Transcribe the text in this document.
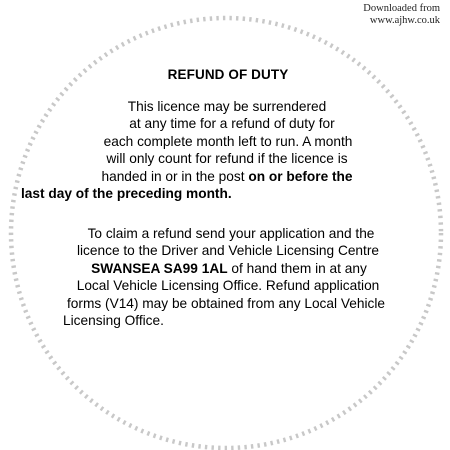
Downloaded from
www.ajhw.co.uk
REFUND OF DUTY
This licence may be surrendered
at any time for a refund of duty for
each complete month left to run. A month
will only count for refund if the licence is
handed in or in the post on or before the
last day of the preceding month.
To claim a refund send your application and the
licence to the Driver and Vehicle Licensing Centre
SWANSEA SA99 1AL of hand them in at any
Local Vehicle Licensing Office. Refund application
forms (V14) may be obtained from any Local Vehicle
Licensing Office.
